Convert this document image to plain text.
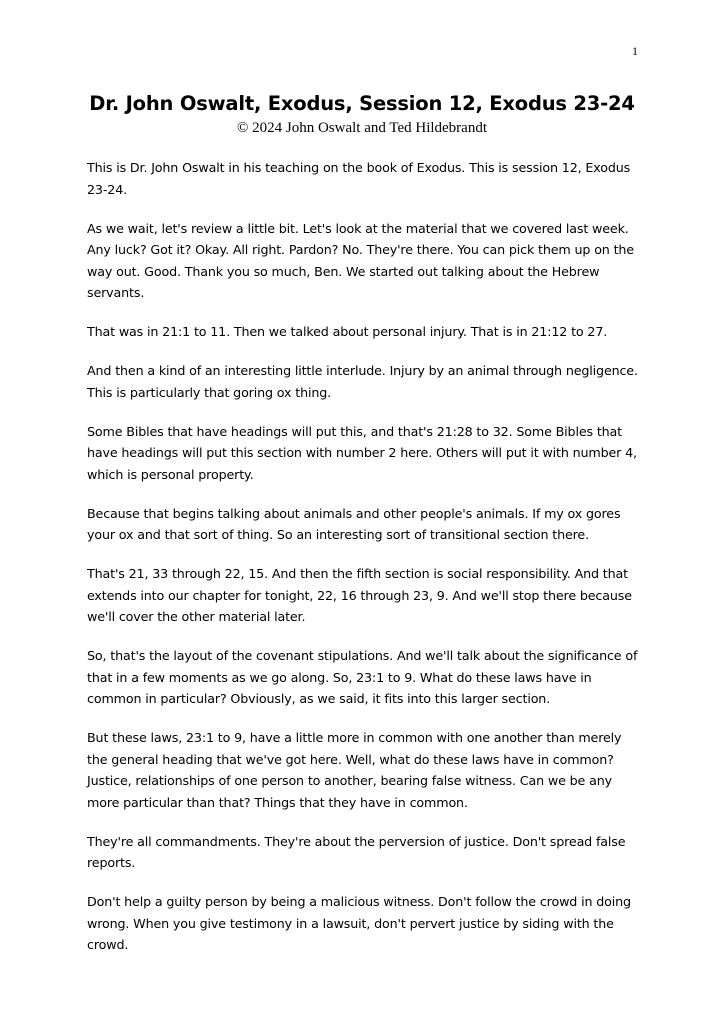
1
Dr. John Oswalt, Exodus, Session 12, Exodus 23-24
© 2024 John Oswalt and Ted Hildebrandt

This is Dr. John Oswalt in his teaching on the book of Exodus. This is session 12, Exodus 23-24.

As we wait, let's review a little bit. Let's look at the material that we covered last week. Any luck? Got it? Okay. All right. Pardon? No. They're there. You can pick them up on the way out. Good. Thank you so much, Ben. We started out talking about the Hebrew servants.

That was in 21:1 to 11. Then we talked about personal injury. That is in 21:12 to 27.

And then a kind of an interesting little interlude. Injury by an animal through negligence. This is particularly that goring ox thing.

Some Bibles that have headings will put this, and that's 21:28 to 32. Some Bibles that have headings will put this section with number 2 here. Others will put it with number 4, which is personal property.

Because that begins talking about animals and other people's animals. If my ox gores your ox and that sort of thing. So an interesting sort of transitional section there.

That's 21, 33 through 22, 15. And then the fifth section is social responsibility. And that extends into our chapter for tonight, 22, 16 through 23, 9. And we'll stop there because we'll cover the other material later.

So, that's the layout of the covenant stipulations. And we'll talk about the significance of that in a few moments as we go along. So, 23:1 to 9. What do these laws have in common in particular? Obviously, as we said, it fits into this larger section.

But these laws, 23:1 to 9, have a little more in common with one another than merely the general heading that we've got here. Well, what do these laws have in common? Justice, relationships of one person to another, bearing false witness. Can we be any more particular than that? Things that they have in common.

They're all commandments. They're about the perversion of justice. Don't spread false reports.

Don't help a guilty person by being a malicious witness. Don't follow the crowd in doing wrong. When you give testimony in a lawsuit, don't pervert justice by siding with the crowd.
